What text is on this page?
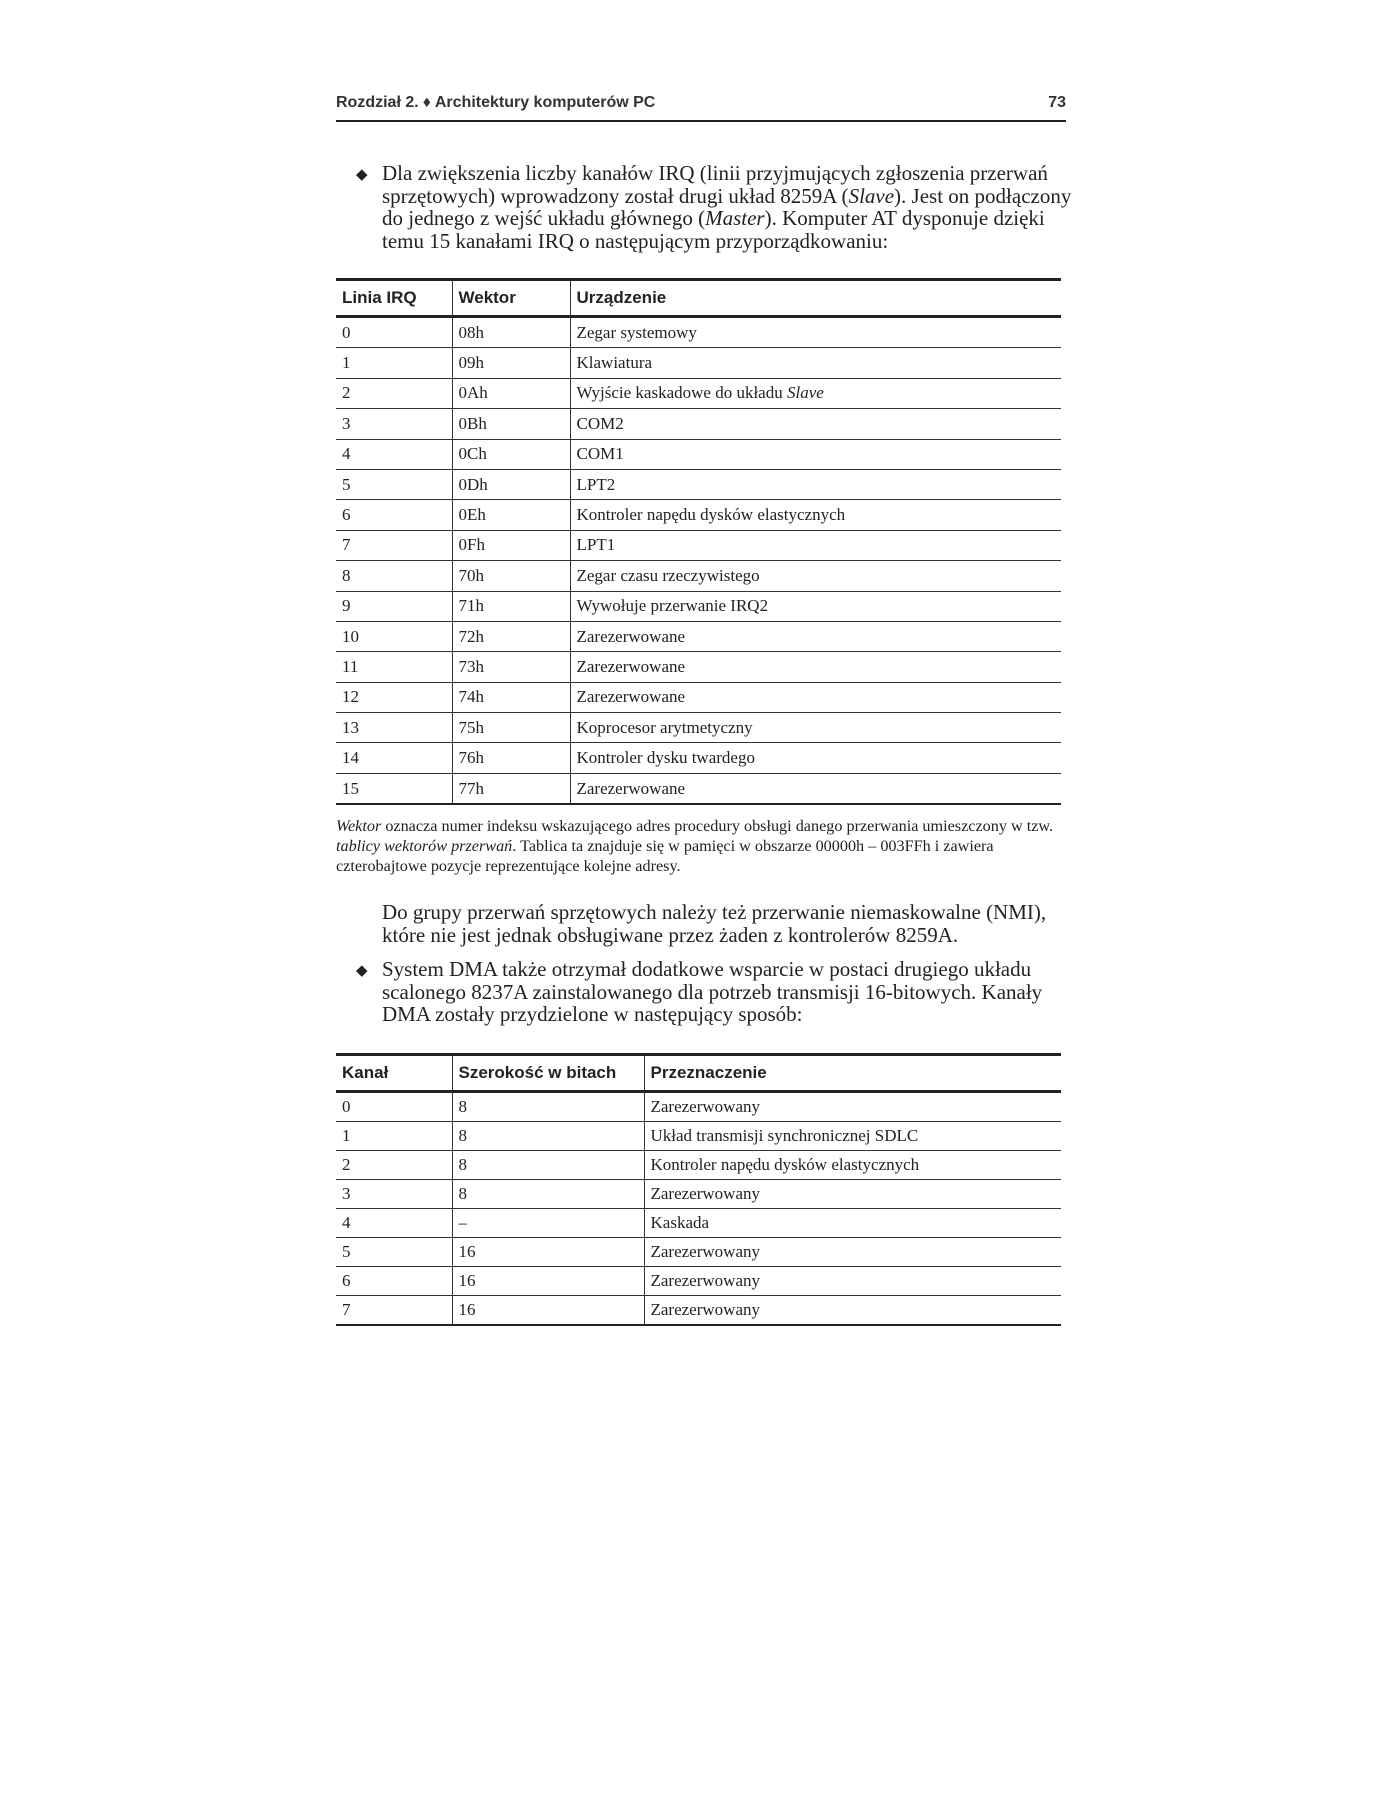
Rozdział 2. ♦ Architektury komputerów PC	73
◆ Dla zwiększenia liczby kanałów IRQ (linii przyjmujących zgłoszenia przerwań sprzętowych) wprowadzony został drugi układ 8259A (Slave). Jest on podłączony do jednego z wejść układu głównego (Master). Komputer AT dysponuje dzięki temu 15 kanałami IRQ o następującym przyporządkowaniu:
Linia IRQ	Wektor	Urządzenie
0	08h	Zegar systemowy
1	09h	Klawiatura
2	0Ah	Wyjście kaskadowe do układu Slave
3	0Bh	COM2
4	0Ch	COM1
5	0Dh	LPT2
6	0Eh	Kontroler napędu dysków elastycznych
7	0Fh	LPT1
8	70h	Zegar czasu rzeczywistego
9	71h	Wywołuje przerwanie IRQ2
10	72h	Zarezerwowane
11	73h	Zarezerwowane
12	74h	Zarezerwowane
13	75h	Koprocesor arytmetyczny
14	76h	Kontroler dysku twardego
15	77h	Zarezerwowane
Wektor oznacza numer indeksu wskazującego adres procedury obsługi danego przerwania umieszczony w tzw. tablicy wektorów przerwań. Tablica ta znajduje się w pamięci w obszarze 00000h – 003FFh i zawiera czterobajtowe pozycje reprezentujące kolejne adresy.
Do grupy przerwań sprzętowych należy też przerwanie niemaskowalne (NMI), które nie jest jednak obsługiwane przez żaden z kontrolerów 8259A.
◆ System DMA także otrzymał dodatkowe wsparcie w postaci drugiego układu scalonego 8237A zainstalowanego dla potrzeb transmisji 16-bitowych. Kanały DMA zostały przydzielone w następujący sposób:
Kanał	Szerokość w bitach	Przeznaczenie
0	8	Zarezerwowany
1	8	Układ transmisji synchronicznej SDLC
2	8	Kontroler napędu dysków elastycznych
3	8	Zarezerwowany
4	–	Kaskada
5	16	Zarezerwowany
6	16	Zarezerwowany
7	16	Zarezerwowany
